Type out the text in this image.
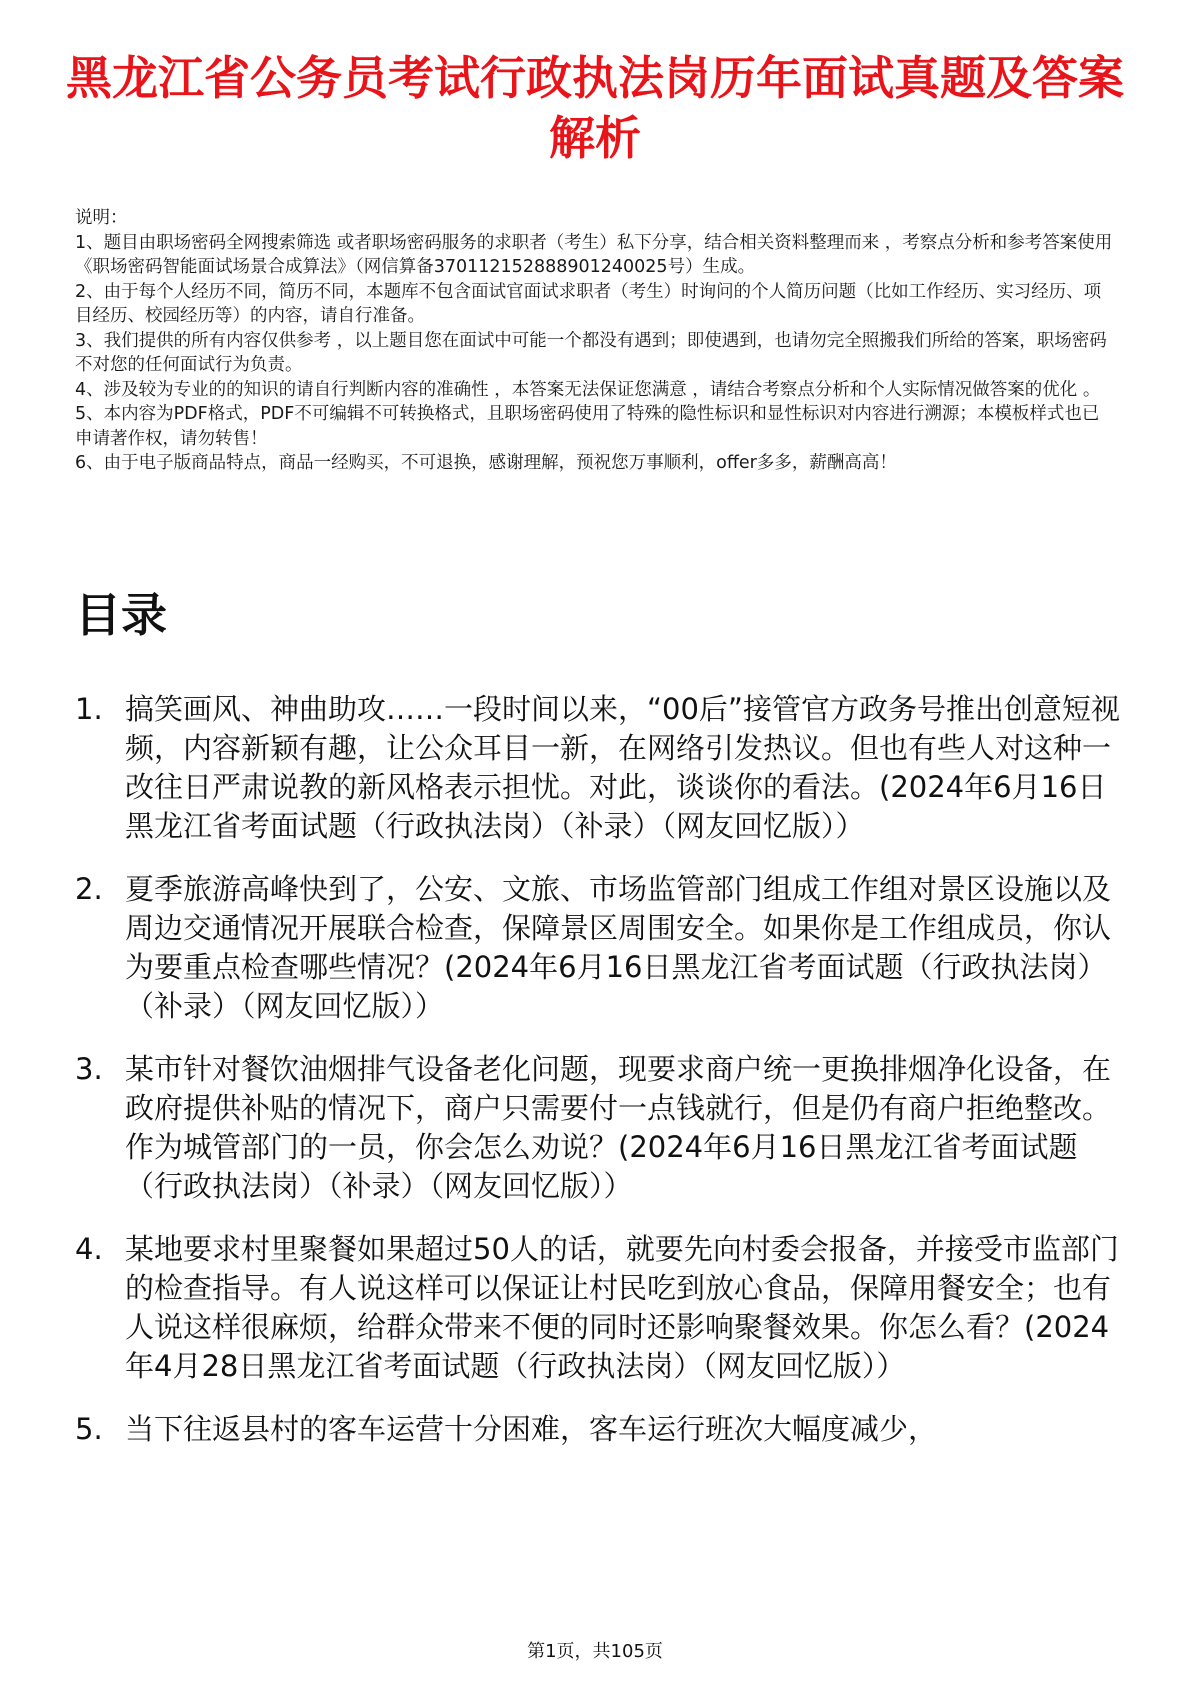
黑龙江省公务员考试行政执法岗历年面试真题及答案解析

说明：

1、题目由职场密码全网搜索筛选 或者职场密码服务的求职者（考生）私下分享，结合相关资料整理而来 ，考察点分析和参考答案使用《职场密码智能面试场景合成算法》（网信算备370112152888901240025号）生成。

2、由于每个人经历不同，简历不同，本题库不包含面试官面试求职者（考生）时询问的个人简历问题（比如工作经历、实习经历、项目经历、校园经历等）的内容，请自行准备。

3、我们提供的所有内容仅供参考 ，以上题目您在面试中可能一个都没有遇到；即使遇到，也请勿完全照搬我们所给的答案，职场密码不对您的任何面试行为负责。

4、涉及较为专业的的知识的请自行判断内容的准确性 ，本答案无法保证您满意 ，请结合考察点分析和个人实际情况做答案的优化 。

5、本内容为PDF格式，PDF不可编辑不可转换格式，且职场密码使用了特殊的隐性标识和显性标识对内容进行溯源；本模板样式也已申请著作权，请勿转售！

6、由于电子版商品特点，商品一经购买，不可退换，感谢理解，预祝您万事顺利，offer多多，薪酬高高！

目录
1. 搞笑画风、神曲助攻……一段时间以来，“00后”接管官方政务号推出创意短视频，内容新颖有趣，让公众耳目一新，在网络引发热议。但也有些人对这种一改往日严肃说教的新风格表示担忧。对此，谈谈你的看法。(2024年6月16日黑龙江省考面试题（行政执法岗）（补录）（网友回忆版））
2. 夏季旅游高峰快到了，公安、文旅、市场监管部门组成工作组对景区设施以及周边交通情况开展联合检查，保障景区周围安全。如果你是工作组成员，你认为要重点检查哪些情况？(2024年6月16日黑龙江省考面试题（行政执法岗）（补录）（网友回忆版））
3. 某市针对餐饮油烟排气设备老化问题，现要求商户统一更换排烟净化设备，在政府提供补贴的情况下，商户只需要付一点钱就行，但是仍有商户拒绝整改。作为城管部门的一员，你会怎么劝说？(2024年6月16日黑龙江省考面试题（行政执法岗）（补录）（网友回忆版））
4. 某地要求村里聚餐如果超过50人的话，就要先向村委会报备，并接受市监部门的检查指导。有人说这样可以保证让村民吃到放心食品，保障用餐安全；也有人说这样很麻烦，给群众带来不便的同时还影响聚餐效果。你怎么看？(2024年4月28日黑龙江省考面试题（行政执法岗）（网友回忆版））
5. 当下往返县村的客车运营十分困难，客车运行班次大幅度减少，
第1页，共105页
